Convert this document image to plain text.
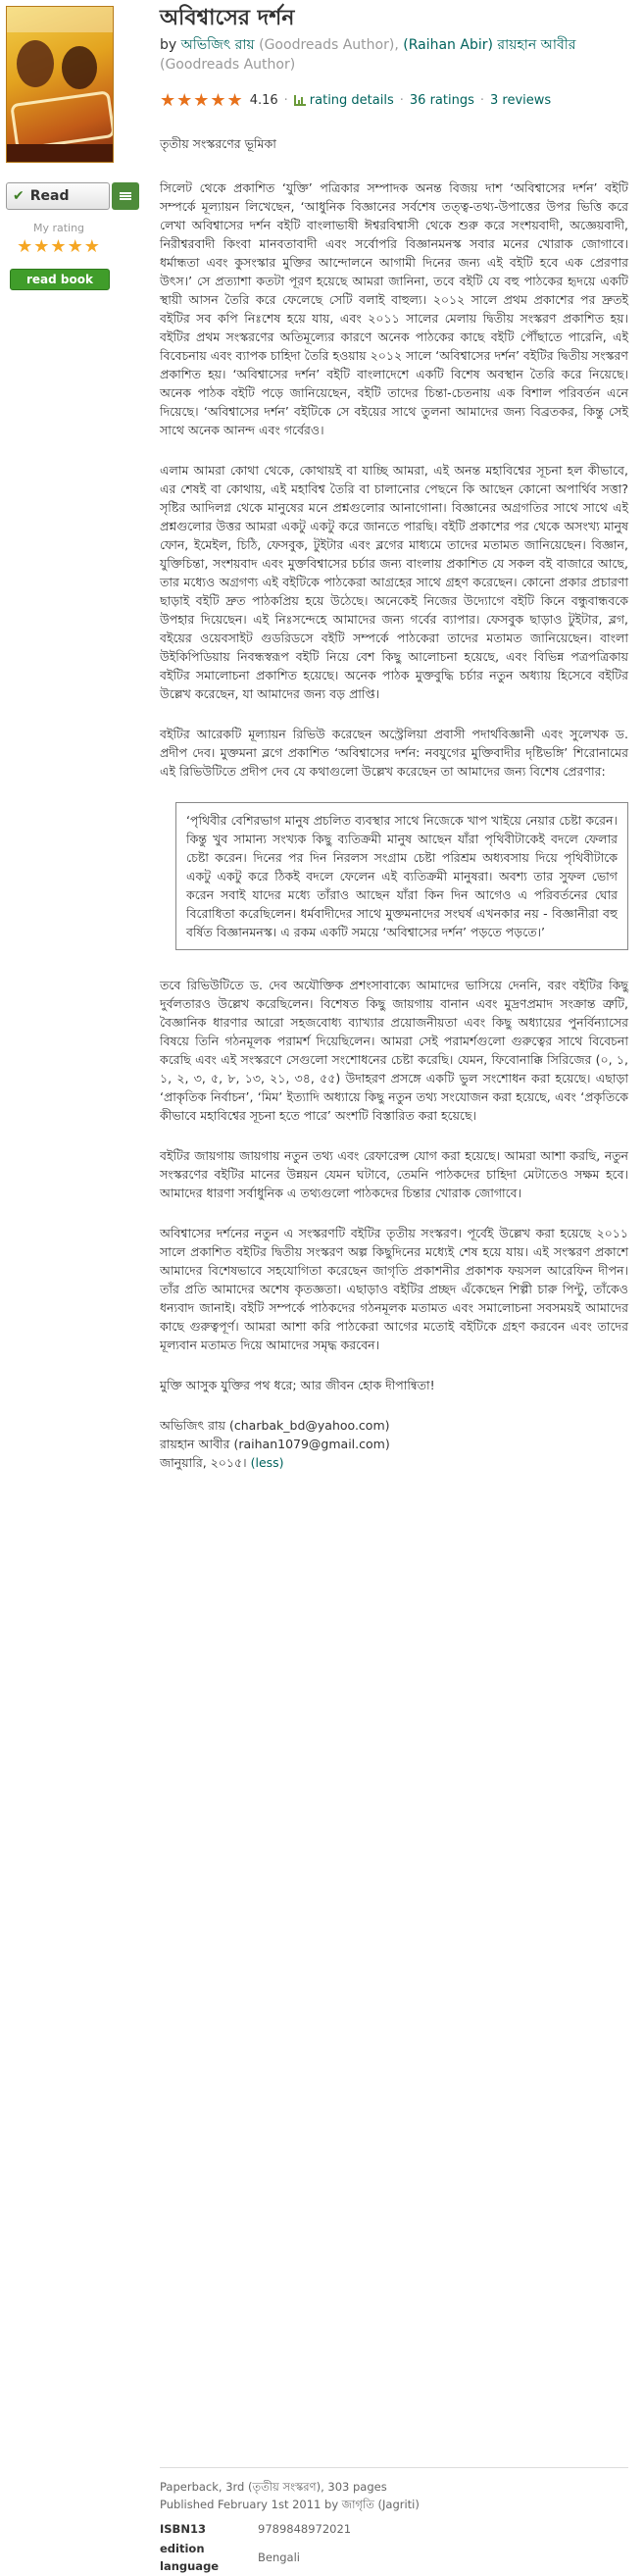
✔ Read
My rating
★★★★★
read book
অবিশ্বাসের দর্শন
by অভিজিৎ রায় (Goodreads Author), (Raihan Abir) রায়হান আবীর (Goodreads Author)
★★★★★ 4.16 · rating details · 36 ratings · 3 reviews

তৃতীয় সংস্করণের ভূমিকা

সিলেট থেকে প্রকাশিত ‘যুক্তি’ পত্রিকার সম্পাদক অনন্ত বিজয় দাশ ‘অবিশ্বাসের দর্শন’ বইটি সম্পর্কে মূল্যায়ন লিখেছেন, ‘আধুনিক বিজ্ঞানের সর্বশেষ তত্ত্ব-তথ্য-উপাত্তের উপর ভিত্তি করে লেখা অবিশ্বাসের দর্শন বইটি বাংলাভাষী ঈশ্বরবিশ্বাসী থেকে শুরু করে সংশয়বাদী, অজ্ঞেয়বাদী, নিরীশ্বরবাদী কিংবা মানবতাবাদী এবং সর্বোপরি বিজ্ঞানমনস্ক সবার মনের খোরাক জোগাবে। ধর্মান্ধতা এবং কুসংস্কার মুক্তির আন্দোলনে আগামী দিনের জন্য এই বইটি হবে এক প্রেরণার উৎস।’ সে প্রত্যাশা কতটা পূরণ হয়েছে আমরা জানিনা, তবে বইটি যে বহু পাঠকের হৃদয়ে একটি স্থায়ী আসন তৈরি করে ফেলেছে সেটি বলাই বাহুল্য। ২০১২ সালে প্রথম প্রকাশের পর দ্রুতই বইটির সব কপি নিঃশেষ হয়ে যায়, এবং ২০১১ সালের মেলায় দ্বিতীয় সংস্করণ প্রকাশিত হয়। বইটির প্রথম সংস্করণের অতিমূল্যের কারণে অনেক পাঠকের কাছে বইটি পৌঁছাতে পারেনি, এই বিবেচনায় এবং ব্যাপক চাহিদা তৈরি হওয়ায় ২০১২ সালে ‘অবিশ্বাসের দর্শন’ বইটির দ্বিতীয় সংস্করণ প্রকাশিত হয়। ‘অবিশ্বাসের দর্শন’ বইটি বাংলাদেশে একটি বিশেষ অবস্থান তৈরি করে নিয়েছে। অনেক পাঠক বইটি পড়ে জানিয়েছেন, বইটি তাদের চিন্তা-চেতনায় এক বিশাল পরিবর্তন এনে দিয়েছে। ‘অবিশ্বাসের দর্শন’ বইটিকে সে বইয়ের সাথে তুলনা আমাদের জন্য বিব্রতকর, কিন্তু সেই সাথে অনেক আনন্দ এবং গর্বেরও।

এলাম আমরা কোথা থেকে, কোথায়ই বা যাচ্ছি আমরা, এই অনন্ত মহাবিশ্বের সূচনা হল কীভাবে, এর শেষই বা কোথায়, এই মহাবিশ্ব তৈরি বা চালানোর পেছনে কি আছেন কোনো অপার্থিব সত্তা? সৃষ্টির আদিলগ্ন থেকে মানুষের মনে প্রশ্নগুলোর আনাগোনা। বিজ্ঞানের অগ্রগতির সাথে সাথে এই প্রশ্নগুলোর উত্তর আমরা একটু একটু করে জানতে পারছি। বইটি প্রকাশের পর থেকে অসংখ্য মানুষ ফোন, ইমেইল, চিঠি, ফেসবুক, টুইটার এবং ব্লগের মাধ্যমে তাদের মতামত জানিয়েছেন। বিজ্ঞান, যুক্তিচিন্তা, সংশয়বাদ এবং মুক্তবিশ্বাসের চর্চার জন্য বাংলায় প্রকাশিত যে সকল বই বাজারে আছে, তার মধ্যেও অগ্রগণ্য এই বইটিকে পাঠকেরা আগ্রহের সাথে গ্রহণ করেছেন। কোনো প্রকার প্রচারণা ছাড়াই বইটি দ্রুত পাঠকপ্রিয় হয়ে উঠেছে। অনেকেই নিজের উদ্যোগে বইটি কিনে বন্ধুবান্ধবকে উপহার দিয়েছেন। এই নিঃসন্দেহে আমাদের জন্য গর্বের ব্যাপার। ফেসবুক ছাড়াও টুইটার, ব্লগ, বইয়ের ওয়েবসাইট গুডরিডসে বইটি সম্পর্কে পাঠকেরা তাদের মতামত জানিয়েছেন। বাংলা উইকিপিডিয়ায় নিবন্ধস্বরূপ বইটি নিয়ে বেশ কিছু আলোচনা হয়েছে, এবং বিভিন্ন পত্রপত্রিকায় বইটির সমালোচনা প্রকাশিত হয়েছে। অনেক পাঠক মুক্তবুদ্ধি চর্চার নতুন অধ্যায় হিসেবে বইটির উল্লেখ করেছেন, যা আমাদের জন্য বড় প্রাপ্তি।

বইটির আরেকটি মূল্যায়ন রিভিউ করেছেন অস্ট্রেলিয়া প্রবাসী পদার্থবিজ্ঞানী এবং সুলেখক ড. প্রদীপ দেব। মুক্তমনা ব্লগে প্রকাশিত ‘অবিশ্বাসের দর্শন: নবযুগের মুক্তিবাদীর দৃষ্টিভঙ্গি’ শিরোনামের এই রিভিউটিতে প্রদীপ দেব যে কথাগুলো উল্লেখ করেছেন তা আমাদের জন্য বিশেষ প্রেরণার:

‘পৃথিবীর বেশিরভাগ মানুষ প্রচলিত ব্যবস্থার সাথে নিজেকে খাপ খাইয়ে নেয়ার চেষ্টা করেন। কিন্তু খুব সামান্য সংখ্যক কিছু ব্যতিক্রমী মানুষ আছেন যাঁরা পৃথিবীটাকেই বদলে ফেলার চেষ্টা করেন। দিনের পর দিন নিরলস সংগ্রাম চেষ্টা পরিশ্রম অধ্যবসায় দিয়ে পৃথিবীটাকে একটু একটু করে ঠিকই বদলে ফেলেন এই ব্যতিক্রমী মানুষরা। অবশ্য তার সুফল ভোগ করেন সবাই যাদের মধ্যে তাঁরাও আছেন যাঁরা কিন দিন আগেও এ পরিবর্তনের ঘোর বিরোধিতা করেছিলেন। ধর্মবাদীদের সাথে মুক্তমনাদের সংঘর্ষ এখনকার নয় - বিজ্ঞানীরা বহু বর্ষিত বিজ্ঞানমনস্ক। এ রকম একটি সময়ে ‘অবিশ্বাসের দর্শন’ পড়তে পড়তে।’

তবে রিভিউটিতে ড. দেব অযৌক্তিক প্রশংসাবাক্যে আমাদের ভাসিয়ে দেননি, বরং বইটির কিছু দুর্বলতারও উল্লেখ করেছিলেন। বিশেষত কিছু জায়গায় বানান এবং মুদ্রণপ্রমাদ সংক্রান্ত ত্রুটি, বৈজ্ঞানিক ধারণার আরো সহজবোধ্য ব্যাখ্যার প্রয়োজনীয়তা এবং কিছু অধ্যায়ের পুনর্বিন্যাসের বিষয়ে তিনি গঠনমূলক পরামর্শ দিয়েছিলেন। আমরা সেই পরামর্শগুলো গুরুত্বের সাথে বিবেচনা করেছি এবং এই সংস্করণে সেগুলো সংশোধনের চেষ্টা করেছি। যেমন, ফিবোনাক্কি সিরিজের (০, ১, ১, ২, ৩, ৫, ৮, ১৩, ২১, ৩৪, ৫৫) উদাহরণ প্রসঙ্গে একটি ভুল সংশোধন করা হয়েছে। এছাড়া ‘প্রাকৃতিক নির্বাচন’, ‘মিম’ ইত্যাদি অধ্যায়ে কিছু নতুন তথ্য সংযোজন করা হয়েছে, এবং ‘প্রকৃতিকে কীভাবে মহাবিশ্বের সূচনা হতে পারে’ অংশটি বিস্তারিত করা হয়েছে।

বইটির জায়গায় জায়গায় নতুন তথ্য এবং রেফারেন্স যোগ করা হয়েছে। আমরা আশা করছি, নতুন সংস্করণের বইটির মানের উন্নয়ন যেমন ঘটাবে, তেমনি পাঠকদের চাহিদা মেটাতেও সক্ষম হবে। আমাদের ধারণা সর্বাধুনিক এ তথ্যগুলো পাঠকদের চিন্তার খোরাক জোগাবে।

অবিশ্বাসের দর্শনের নতুন এ সংস্করণটি বইটির তৃতীয় সংস্করণ। পূর্বেই উল্লেখ করা হয়েছে ২০১১ সালে প্রকাশিত বইটির দ্বিতীয় সংস্করণ অল্প কিছুদিনের মধ্যেই শেষ হয়ে যায়। এই সংস্করণ প্রকাশে আমাদের বিশেষভাবে সহযোগিতা করেছেন জাগৃতি প্রকাশনীর প্রকাশক ফয়সল আরেফিন দীপন। তাঁর প্রতি আমাদের অশেষ কৃতজ্ঞতা। এছাড়াও বইটির প্রচ্ছদ এঁকেছেন শিল্পী চারু পিন্টু, তাঁকেও ধন্যবাদ জানাই। বইটি সম্পর্কে পাঠকদের গঠনমূলক মতামত এবং সমালোচনা সবসময়ই আমাদের কাছে গুরুত্বপূর্ণ। আমরা আশা করি পাঠকেরা আগের মতোই বইটিকে গ্রহণ করবেন এবং তাদের মূল্যবান মতামত দিয়ে আমাদের সমৃদ্ধ করবেন।

মুক্তি আসুক যুক্তির পথ ধরে; আর জীবন হোক দীপান্বিতা!

অভিজিৎ রায় (charbak_bd@yahoo.com)

রায়হান আবীর (raihan1079@gmail.com)

জানুয়ারি, ২০১৫। (less)

Paperback, 3rd (তৃতীয় সংস্করণ), 303 pages
Published February 1st 2011 by জাগৃতি (Jagriti)
ISBN13	9789848972021
edition language	Bengali
